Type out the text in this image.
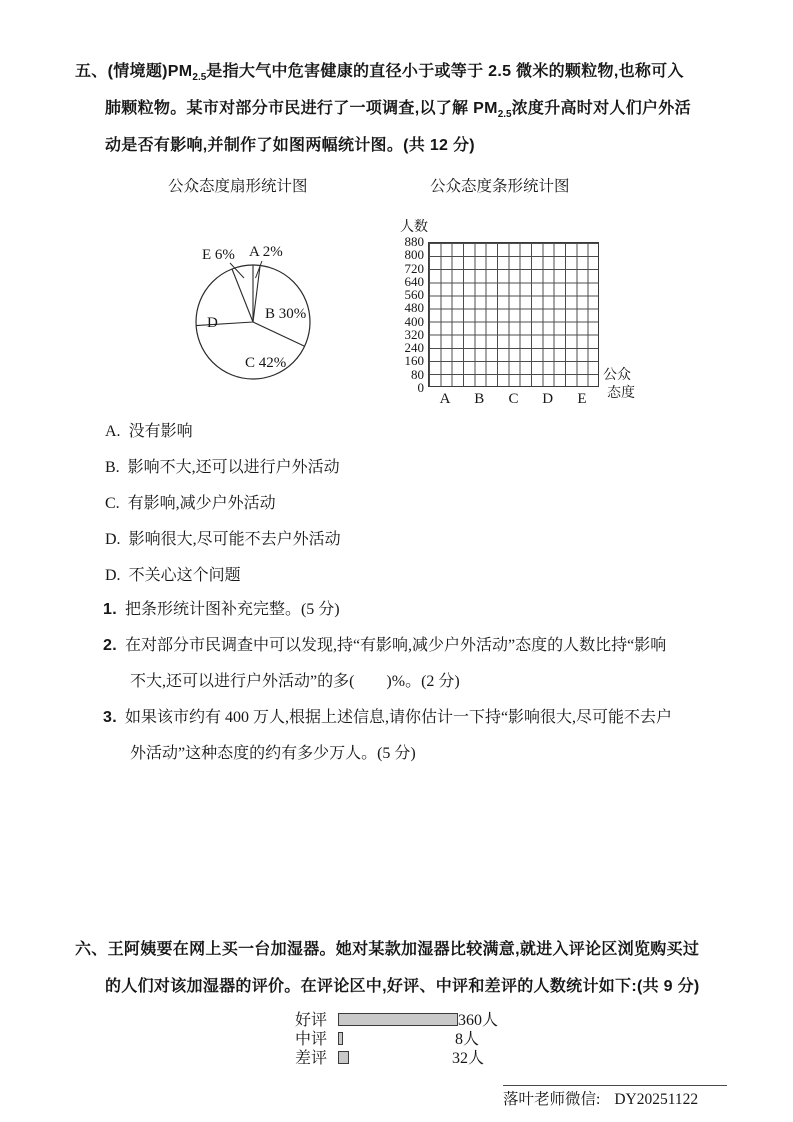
五、(情境题)$PM_{2.5}$是指大气中危害健康的直径小于或等于 2.5 微米的颗粒物,也称可入
肺颗粒物。某市对部分市民进行了一项调查,以了解 $PM_{2.5}$浓度升高时对人们户外活
动是否有影响,并制作了如图两幅统计图。(共 12 分)
公众态度扇形统计图	公众态度条形统计图
E 6% A 2%
D
B 30%
C 42%
人数
880
800
720
640
560
480
400
320
240
160
80
0
A	B	C	D	E
公众
态度
A. 没有影响
B. 影响不大,还可以进行户外活动
C. 有影响,减少户外活动
D. 影响很大,尽可能不去户外活动
D. 不关心这个问题
1. 把条形统计图补充完整。(5 分)
2. 在对部分市民调查中可以发现,持“有影响,减少户外活动”态度的人数比持“影响
不大,还可以进行户外活动”的多(        )%。(2 分)
3. 如果该市约有 400 万人,根据上述信息,请你估计一下持“影响很大,尽可能不去户
外活动”这种态度的约有多少万人。(5 分)
六、王阿姨要在网上买一台加湿器。她对某款加湿器比较满意,就进入评论区浏览购买过
的人们对该加湿器的评价。在评论区中,好评、中评和差评的人数统计如下:(共 9 分)
好评	360人
中评	8人
差评	32人
落叶老师微信: DY20251122
